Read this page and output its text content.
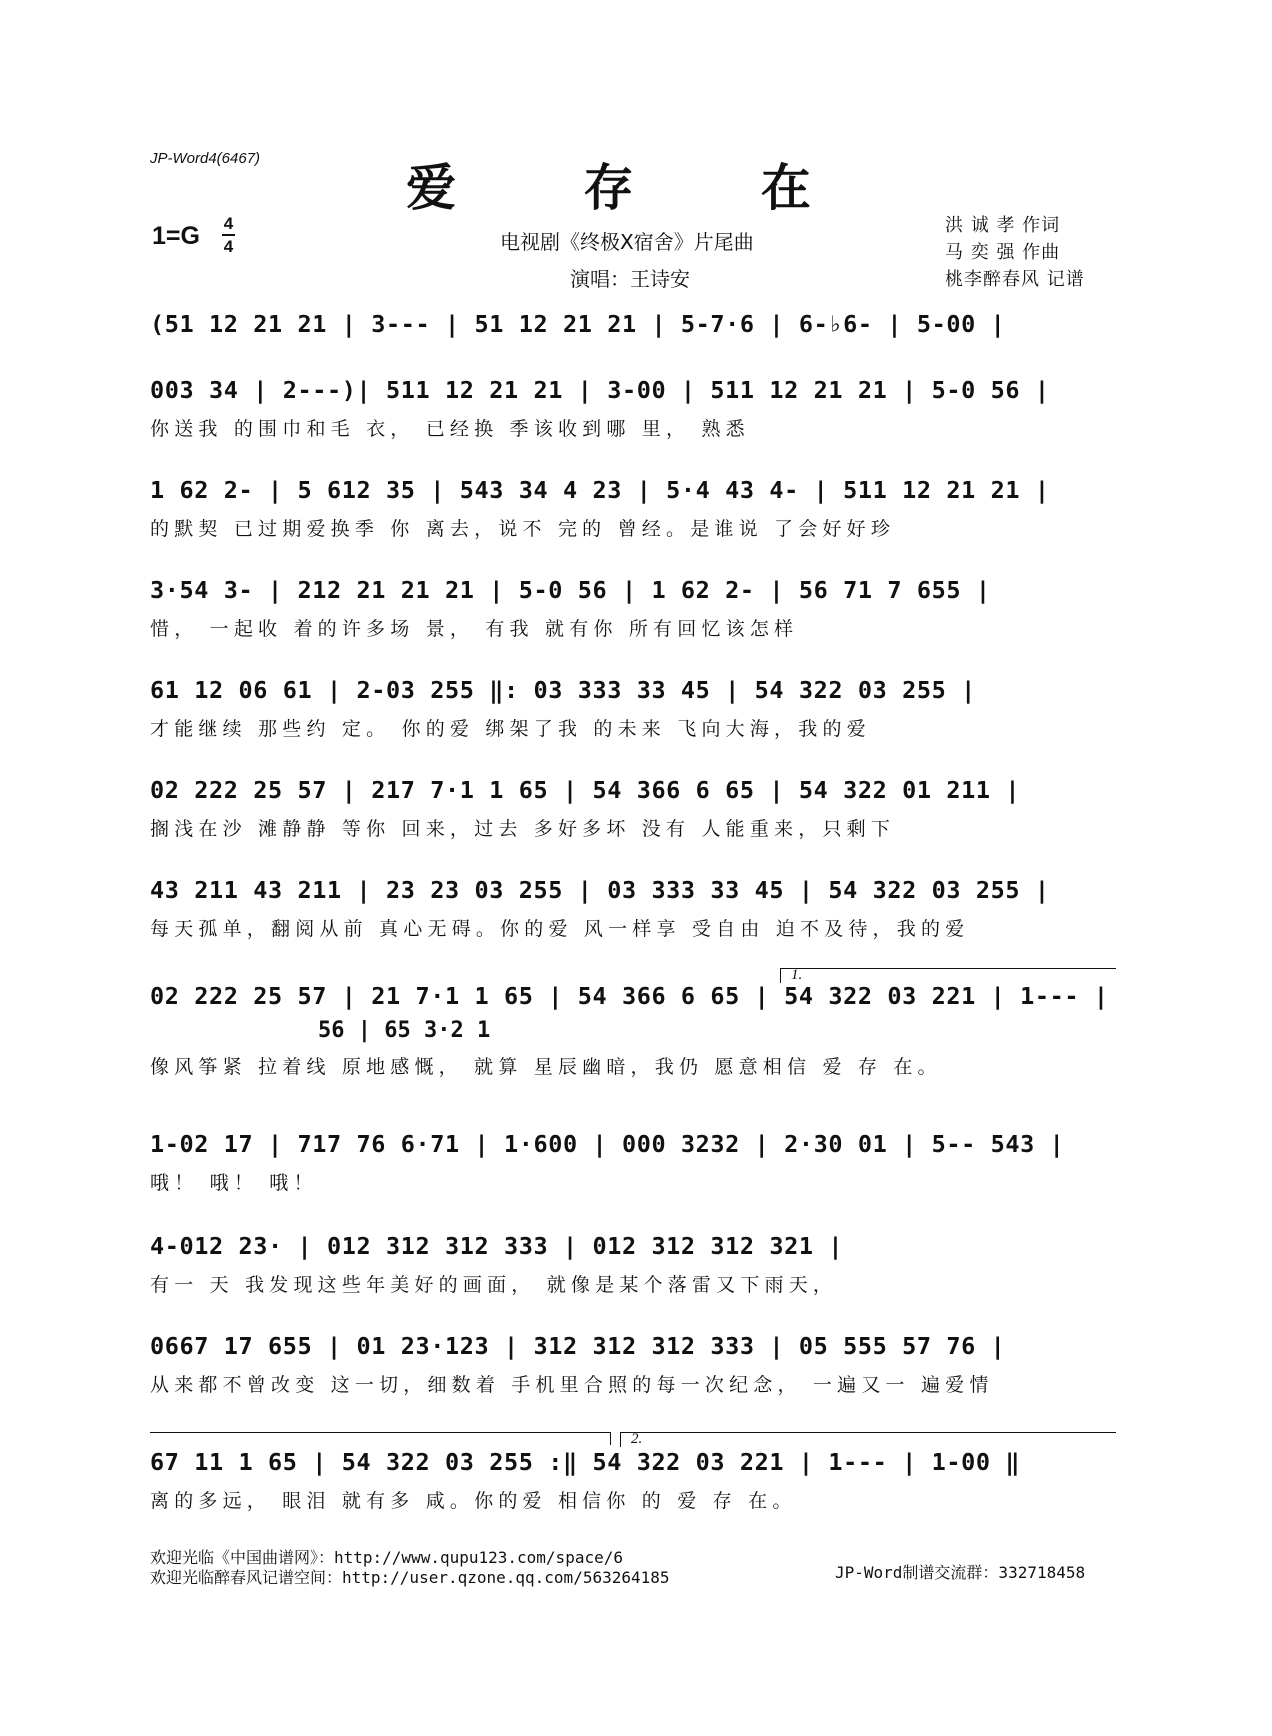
JP-Word4(6467)	爱 存 在
1=G 4
4	电视剧《终极X宿舍》片尾曲
演唱：王诗安
洪 诚 孝 作词
马 奕 强 作曲
桃李醉春风 记谱
(51 12 21 21 | 3--- | 51 12 21 21 | 5-7·6 | 6-♭6- | 5-00 |
003 34 | 2---)| 511 12 21 21 | 3-00 | 511 12 21 21 | 5-0 56 |
你送我 的围巾和毛 衣， 已经换 季该收到哪 里， 熟悉
1 62 2- | 5 612 35 | 543 34 4 23 | 5·4 43 4- | 511 12 21 21 |
的默契 已过期爱换季 你 离去，说不 完的 曾经。是谁说 了会好好珍
3·54 3- | 212 21 21 21 | 5-0 56 | 1 62 2- | 56 71 7 655 |
惜， 一起收 着的许多场 景， 有我 就有你 所有回忆该怎样
61 12 06 61 | 2-03 255 ‖: 03 333 33 45 | 54 322 03 255 |
才能继续 那些约 定。 你的爱 绑架了我 的未来 飞向大海，我的爱
02 222 25 57 | 217 7·1 1 65 | 54 366 6 65 | 54 322 01 211 |
搁浅在沙 滩静静 等你 回来，过去 多好多坏 没有 人能重来，只剩下
43 211 43 211 | 23 23 03 255 | 03 333 33 45 | 54 322 03 255 |
每天孤单，翻阅从前 真心无碍。你的爱 风一样享 受自由 迫不及待，我的爱
1.
02 222 25 57 | 21 7·1 1 65 | 54 366 6 65 | 54 322 03 221 | 1--- |
56 | 65 3·2 1
像风筝紧 拉着线 原地感慨， 就算 星辰幽暗，我仍 愿意相信 爱 存 在。
1-02 17 | 717 76 6·71 | 1·600 | 000 3232 | 2·30 01 | 5-- 543 |
哦！ 哦！ 哦！
4-012 23· | 012 312 312 333 | 012 312 312 321 |
有一 天 我发现这些年美好的画面， 就像是某个落雷又下雨天，
0667 17 655 | 01 23·123 | 312 312 312 333 | 05 555 57 76 |
从来都不曾改变 这一切，细数着 手机里合照的每一次纪念， 一遍又一 遍爱情
2.
67 11 1 65 | 54 322 03 255 :‖ 54 322 03 221 | 1--- | 1-00 ‖
离的多远， 眼泪 就有多 咸。你的爱 相信你 的 爱 存 在。
欢迎光临《中国曲谱网》：http://www.qupu123.com/space/6
欢迎光临醉春风记谱空间：http://user.qzone.qq.com/563264185	JP-Word制谱交流群：332718458
